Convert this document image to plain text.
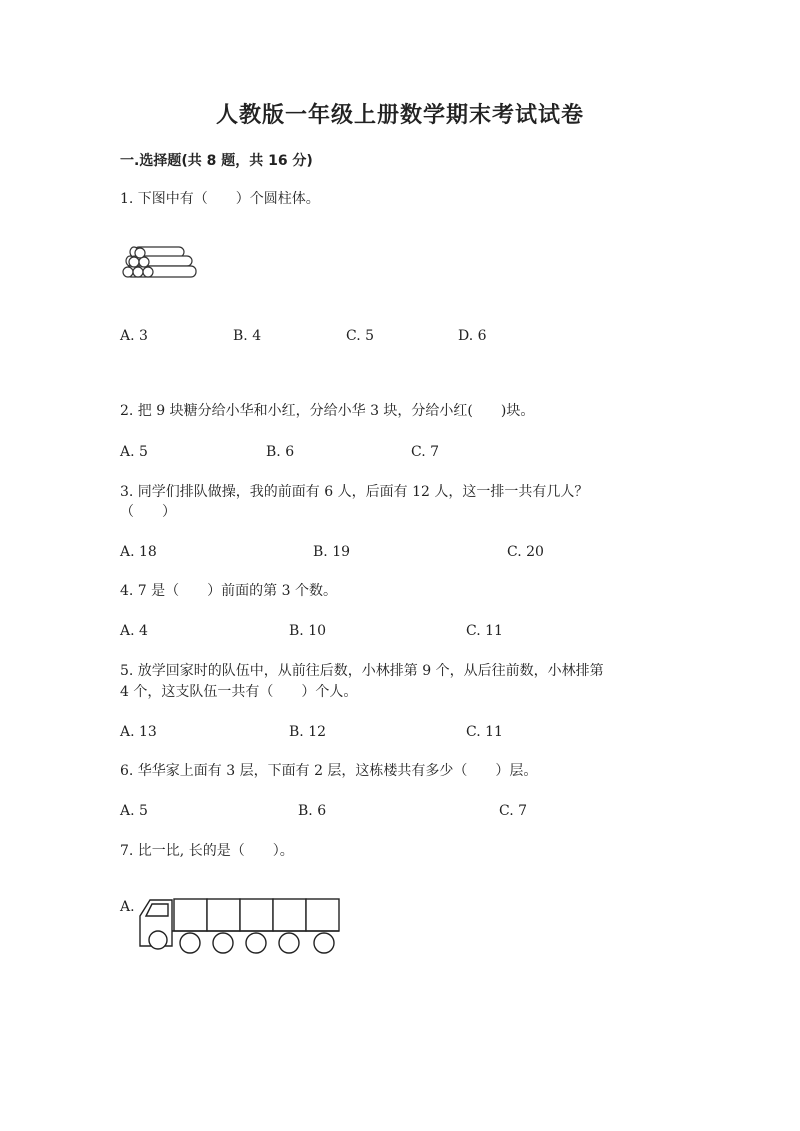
人教版一年级上册数学期末考试试卷
一.选择题(共 8 题，共 16 分)
1. 下图中有（　　）个圆柱体。
A. 3	B. 4	C. 5	D. 6
2. 把 9 块糖分给小华和小红，分给小华 3 块，分给小红(　　)块。
A. 5	B. 6	C. 7
3. 同学们排队做操，我的前面有 6 人，后面有 12 人，这一排一共有几人？
（　　）
A. 18	B. 19	C. 20
4. 7 是（　　）前面的第 3 个数。
A. 4	B. 10	C. 11
5. 放学回家时的队伍中，从前往后数，小林排第 9 个，从后往前数，小林排第
4 个，这支队伍一共有（　　）个人。
A. 13	B. 12	C. 11
6. 华华家上面有 3 层，下面有 2 层，这栋楼共有多少（　　）层。
A. 5	B. 6	C. 7
7. 比一比, 长的是（　　）。
A.
